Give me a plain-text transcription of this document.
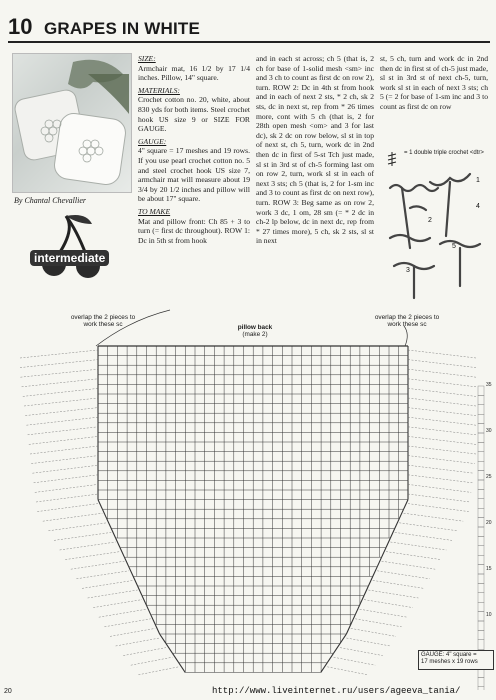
10 GRAPES IN WHITE
By Chantal Chevallier
intermediate

SIZE:
Armchair mat, 16 1/2 by 17 1/4 inches. Pillow, 14" square.

MATERIALS:
Crochet cotton no. 20, white, about 830 yds for both items. Steel crochet hook US size 9 or SIZE FOR GAUGE.

GAUGE:
4" square = 17 meshes and 19 rows. If you use pearl crochet cotton no. 5 and steel crochet hook US size 7, armchair mat will measure about 19 3/4 by 20 1/2 inches and pillow will be about 17" square.

TO MAKE
Mat and pillow front: Ch 85 + 3 to turn (= first dc throughout). ROW 1: Dc in 5th st from hook

and in each st across; ch 5 (that is, 2 ch for base of 1-solid mesh <sm> inc and 3 ch to count as first dc on row 2), turn. ROW 2: Dc in 4th st from hook and in each of next 2 sts, * 2 ch, sk 2 sts, dc in next st, rep from * 26 times more, cont with 5 ch (that is, 2 for 28th open mesh <om> and 3 for last dc), sk 2 dc on row below, sl st in top of next st, ch 5, turn, work dc in 2nd then dc in first of 5-st Tch just made, sl st in 3rd st of ch-5 forming last om on row 2, turn, work sl st in each of next 3 sts; ch 5 (that is, 2 for 1-sm inc and 3 to count as first dc on next row), turn. ROW 3: Beg same as on row 2, work 3 dc, 1 om, 28 sm (= * 2 dc in ch-2 lp below, dc in next dc, rep from * 27 times more), 5 ch, sk 2 sts, sl st in next
st, 5 ch, turn and work dc in 2nd then dc in first st of ch-5 just made, sl st in 3rd st of next ch-5, turn, work sl st in each of next 3 sts; ch 5 (= 2 for base of 1-sm inc and 3 to count as first dc on row
1
2
3
4
5
= 1 double triple crochet <dtr>
35
30
25
20
15
10
overlap the 2 pieces to work these sc
overlap the 2 pieces to work these sc
pillow back
(make 2)
GAUGE: 4" square =
17 meshes x 19 rows
20	http://www.liveinternet.ru/users/ageeva_tania/
